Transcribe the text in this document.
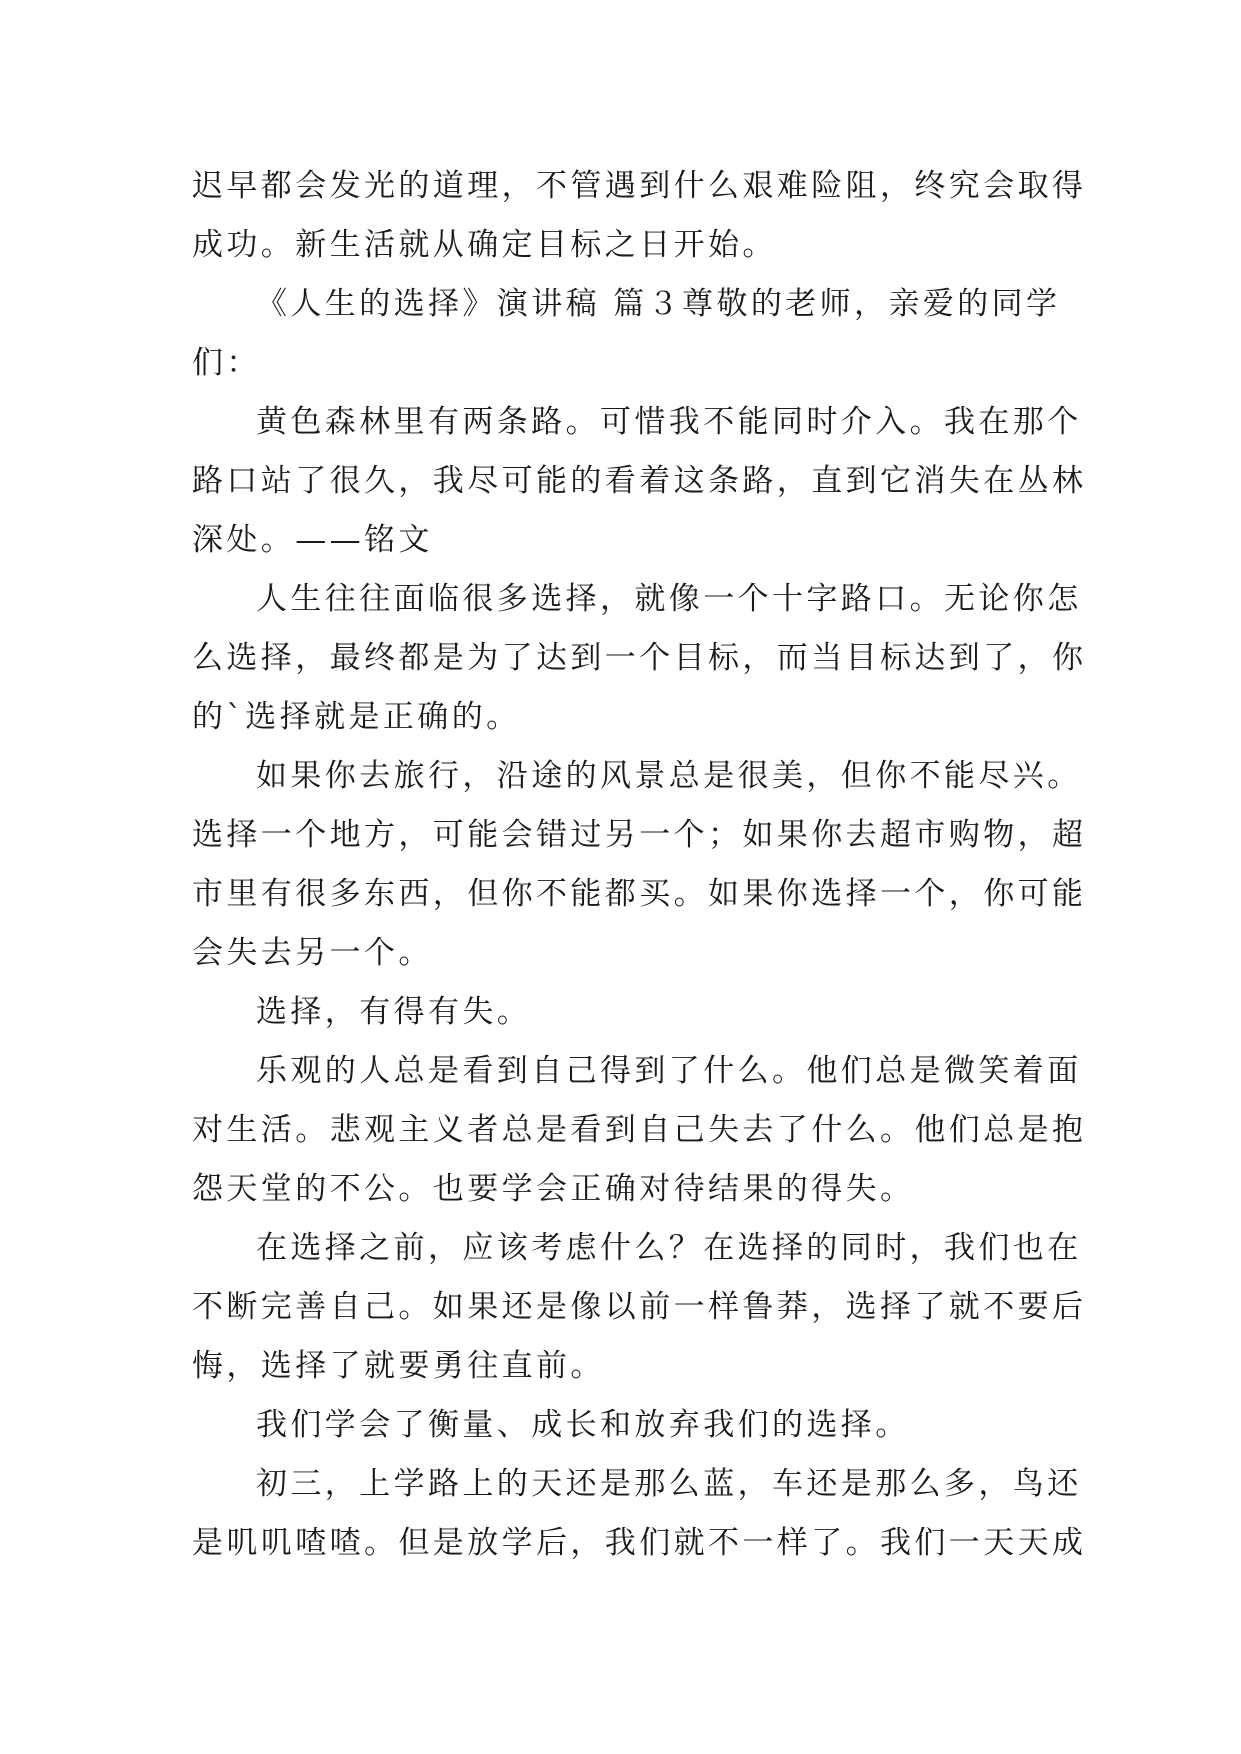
迟早都会发光的道理，不管遇到什么艰难险阻，终究会取得
成功。新生活就从确定目标之日开始。
《人生的选择》演讲稿 篇３尊敬的老师，亲爱的同学
们：
黄色森林里有两条路。可惜我不能同时介入。我在那个
路口站了很久，我尽可能的看着这条路，直到它消失在丛林
深处。——铭文
人生往往面临很多选择，就像一个十字路口。无论你怎
么选择，最终都是为了达到一个目标，而当目标达到了，你
的`选择就是正确的。
如果你去旅行，沿途的风景总是很美，但你不能尽兴。
选择一个地方，可能会错过另一个；如果你去超市购物，超
市里有很多东西，但你不能都买。如果你选择一个，你可能
会失去另一个。
选择，有得有失。
乐观的人总是看到自己得到了什么。他们总是微笑着面
对生活。悲观主义者总是看到自己失去了什么。他们总是抱
怨天堂的不公。也要学会正确对待结果的得失。
在选择之前，应该考虑什么？在选择的同时，我们也在
不断完善自己。如果还是像以前一样鲁莽，选择了就不要后
悔，选择了就要勇往直前。
我们学会了衡量、成长和放弃我们的选择。
初三，上学路上的天还是那么蓝，车还是那么多，鸟还
是叽叽喳喳。但是放学后，我们就不一样了。我们一天天成
